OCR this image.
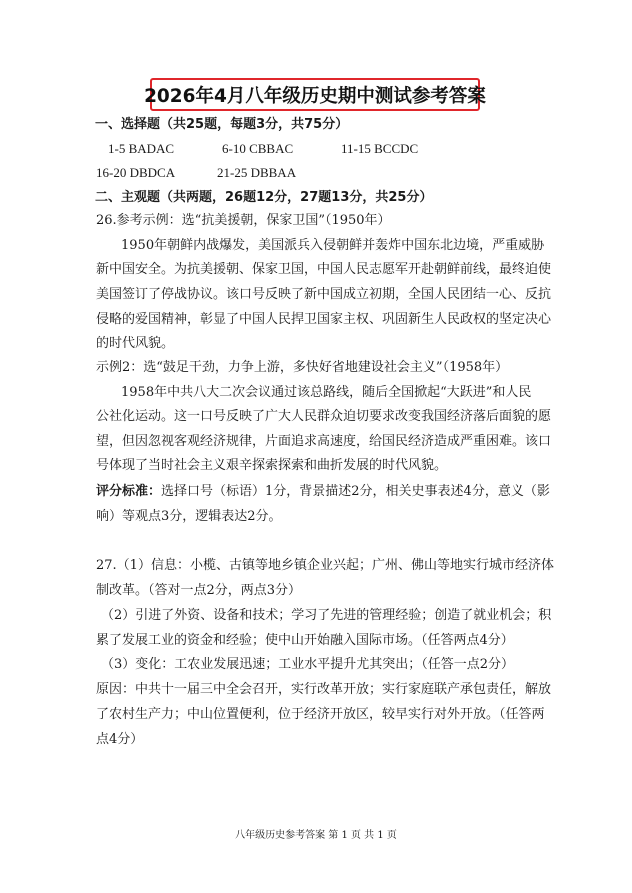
2026年4月八年级历史期中测试参考答案
一、选择题（共25题，每题3分，共75分）
1-5 BADAC	6-10 CBBAC	11-15 BCCDC
16-20 DBDCA	21-25 DBBAA
二、主观题（共两题，26题12分，27题13分，共25分）
26.参考示例：选“抗美援朝，保家卫国”（1950年）
1950年朝鲜内战爆发，美国派兵入侵朝鲜并轰炸中国东北边境，严重威胁
新中国安全。为抗美援朝、保家卫国，中国人民志愿军开赴朝鲜前线，最终迫使
美国签订了停战协议。该口号反映了新中国成立初期，全国人民团结一心、反抗
侵略的爱国精神，彰显了中国人民捍卫国家主权、巩固新生人民政权的坚定决心
的时代风貌。
示例2：选“鼓足干劲，力争上游，多快好省地建设社会主义”（1958年）
1958年中共八大二次会议通过该总路线，随后全国掀起“大跃进”和人民
公社化运动。这一口号反映了广大人民群众迫切要求改变我国经济落后面貌的愿
望，但因忽视客观经济规律，片面追求高速度，给国民经济造成严重困难。该口
号体现了当时社会主义艰辛探索探索和曲折发展的时代风貌。
评分标准：选择口号（标语）1分，背景描述2分，相关史事表述4分，意义（影
响）等观点3分，逻辑表达2分。
27.（1）信息：小榄、古镇等地乡镇企业兴起；广州、佛山等地实行城市经济体
制改革。（答对一点2分，两点3分）
（2）引进了外资、设备和技术；学习了先进的管理经验；创造了就业机会；积
累了发展工业的资金和经验；使中山开始融入国际市场。（任答两点4分）
（3）变化：工农业发展迅速；工业水平提升尤其突出；（任答一点2分）
原因：中共十一届三中全会召开，实行改革开放；实行家庭联产承包责任，解放
了农村生产力；中山位置便利，位于经济开放区，较早实行对外开放。（任答两
点4分）
八年级历史参考答案 第 1 页 共 1 页
